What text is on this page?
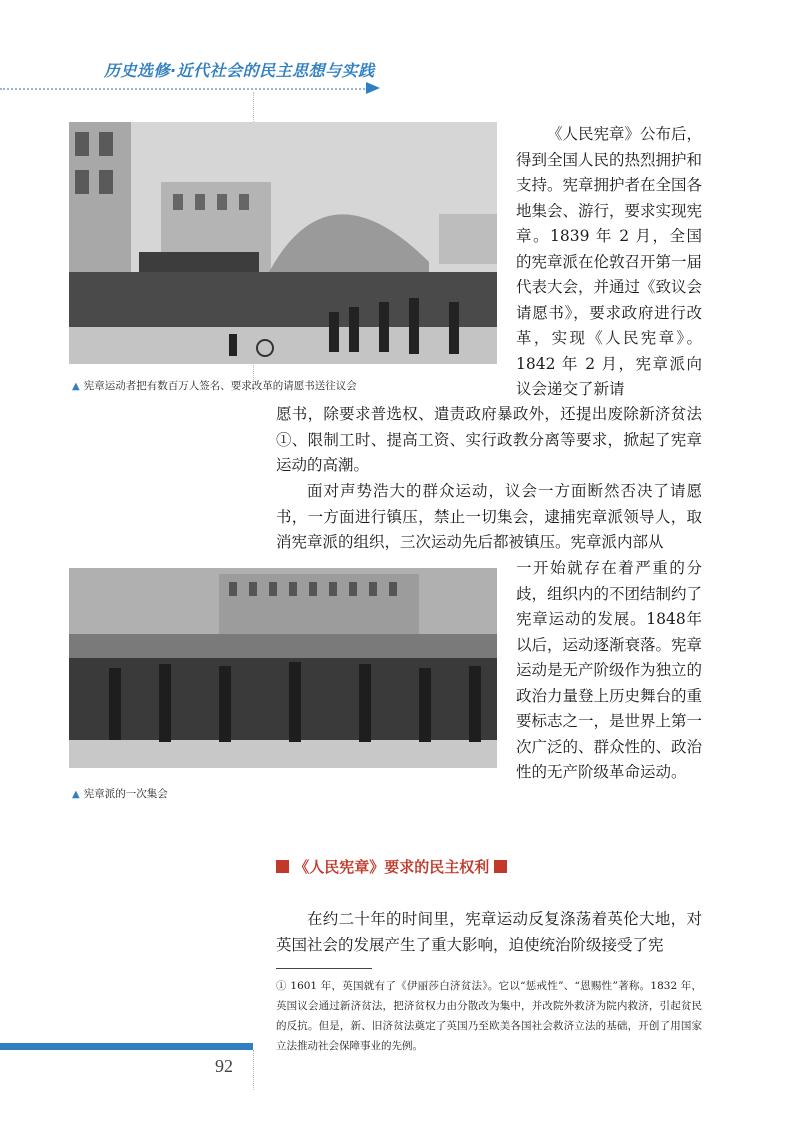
历史选修·近代社会的民主思想与实践
▲ 宪章运动者把有数百万人签名、要求改革的请愿书送往议会

《人民宪章》公布后，

得到全国人民的热烈拥护和支持。宪章拥护者在全国各地集会、游行，要求实现宪章。1839 年 2 月，全国的宪章派在伦敦召开第一届代表大会，并通过《致议会请愿书》，要求政府进行改革，实现《人民宪章》。1842 年 2 月，宪章派向议会递交了新请

愿书，除要求普选权、遣责政府暴政外，还提出废除新济贫法①、限制工时、提高工资、实行政教分离等要求，掀起了宪章运动的高潮。

面对声势浩大的群众运动，议会一方面断然否决了请愿书，一方面进行镇压，禁止一切集会，逮捕宪章派领导人，取消宪章派的组织，三次运动先后都被镇压。宪章派内部从

一开始就存在着严重的分歧，组织内的不团结制约了宪章运动的发展。1848年以后，运动逐渐衰落。宪章运动是无产阶级作为独立的政治力量登上历史舞台的重要标志之一，是世界上第一次广泛的、群众性的、政治性的无产阶级革命运动。

▲ 宪章派的一次集会
《人民宪章》要求的民主权利

在约二十年的时间里，宪章运动反复涤荡着英伦大地，对英国社会的发展产生了重大影响，迫使统治阶级接受了宪

① 1601 年，英国就有了《伊丽莎白济贫法》。它以“惩戒性”、“恩赐性”著称。1832 年，英国议会通过新济贫法，把济贫权力由分散改为集中，并改院外救济为院内救济，引起贫民的反抗。但是，新、旧济贫法奠定了英国乃至欧美各国社会救济立法的基础，开创了用国家立法推动社会保障事业的先例。

92
